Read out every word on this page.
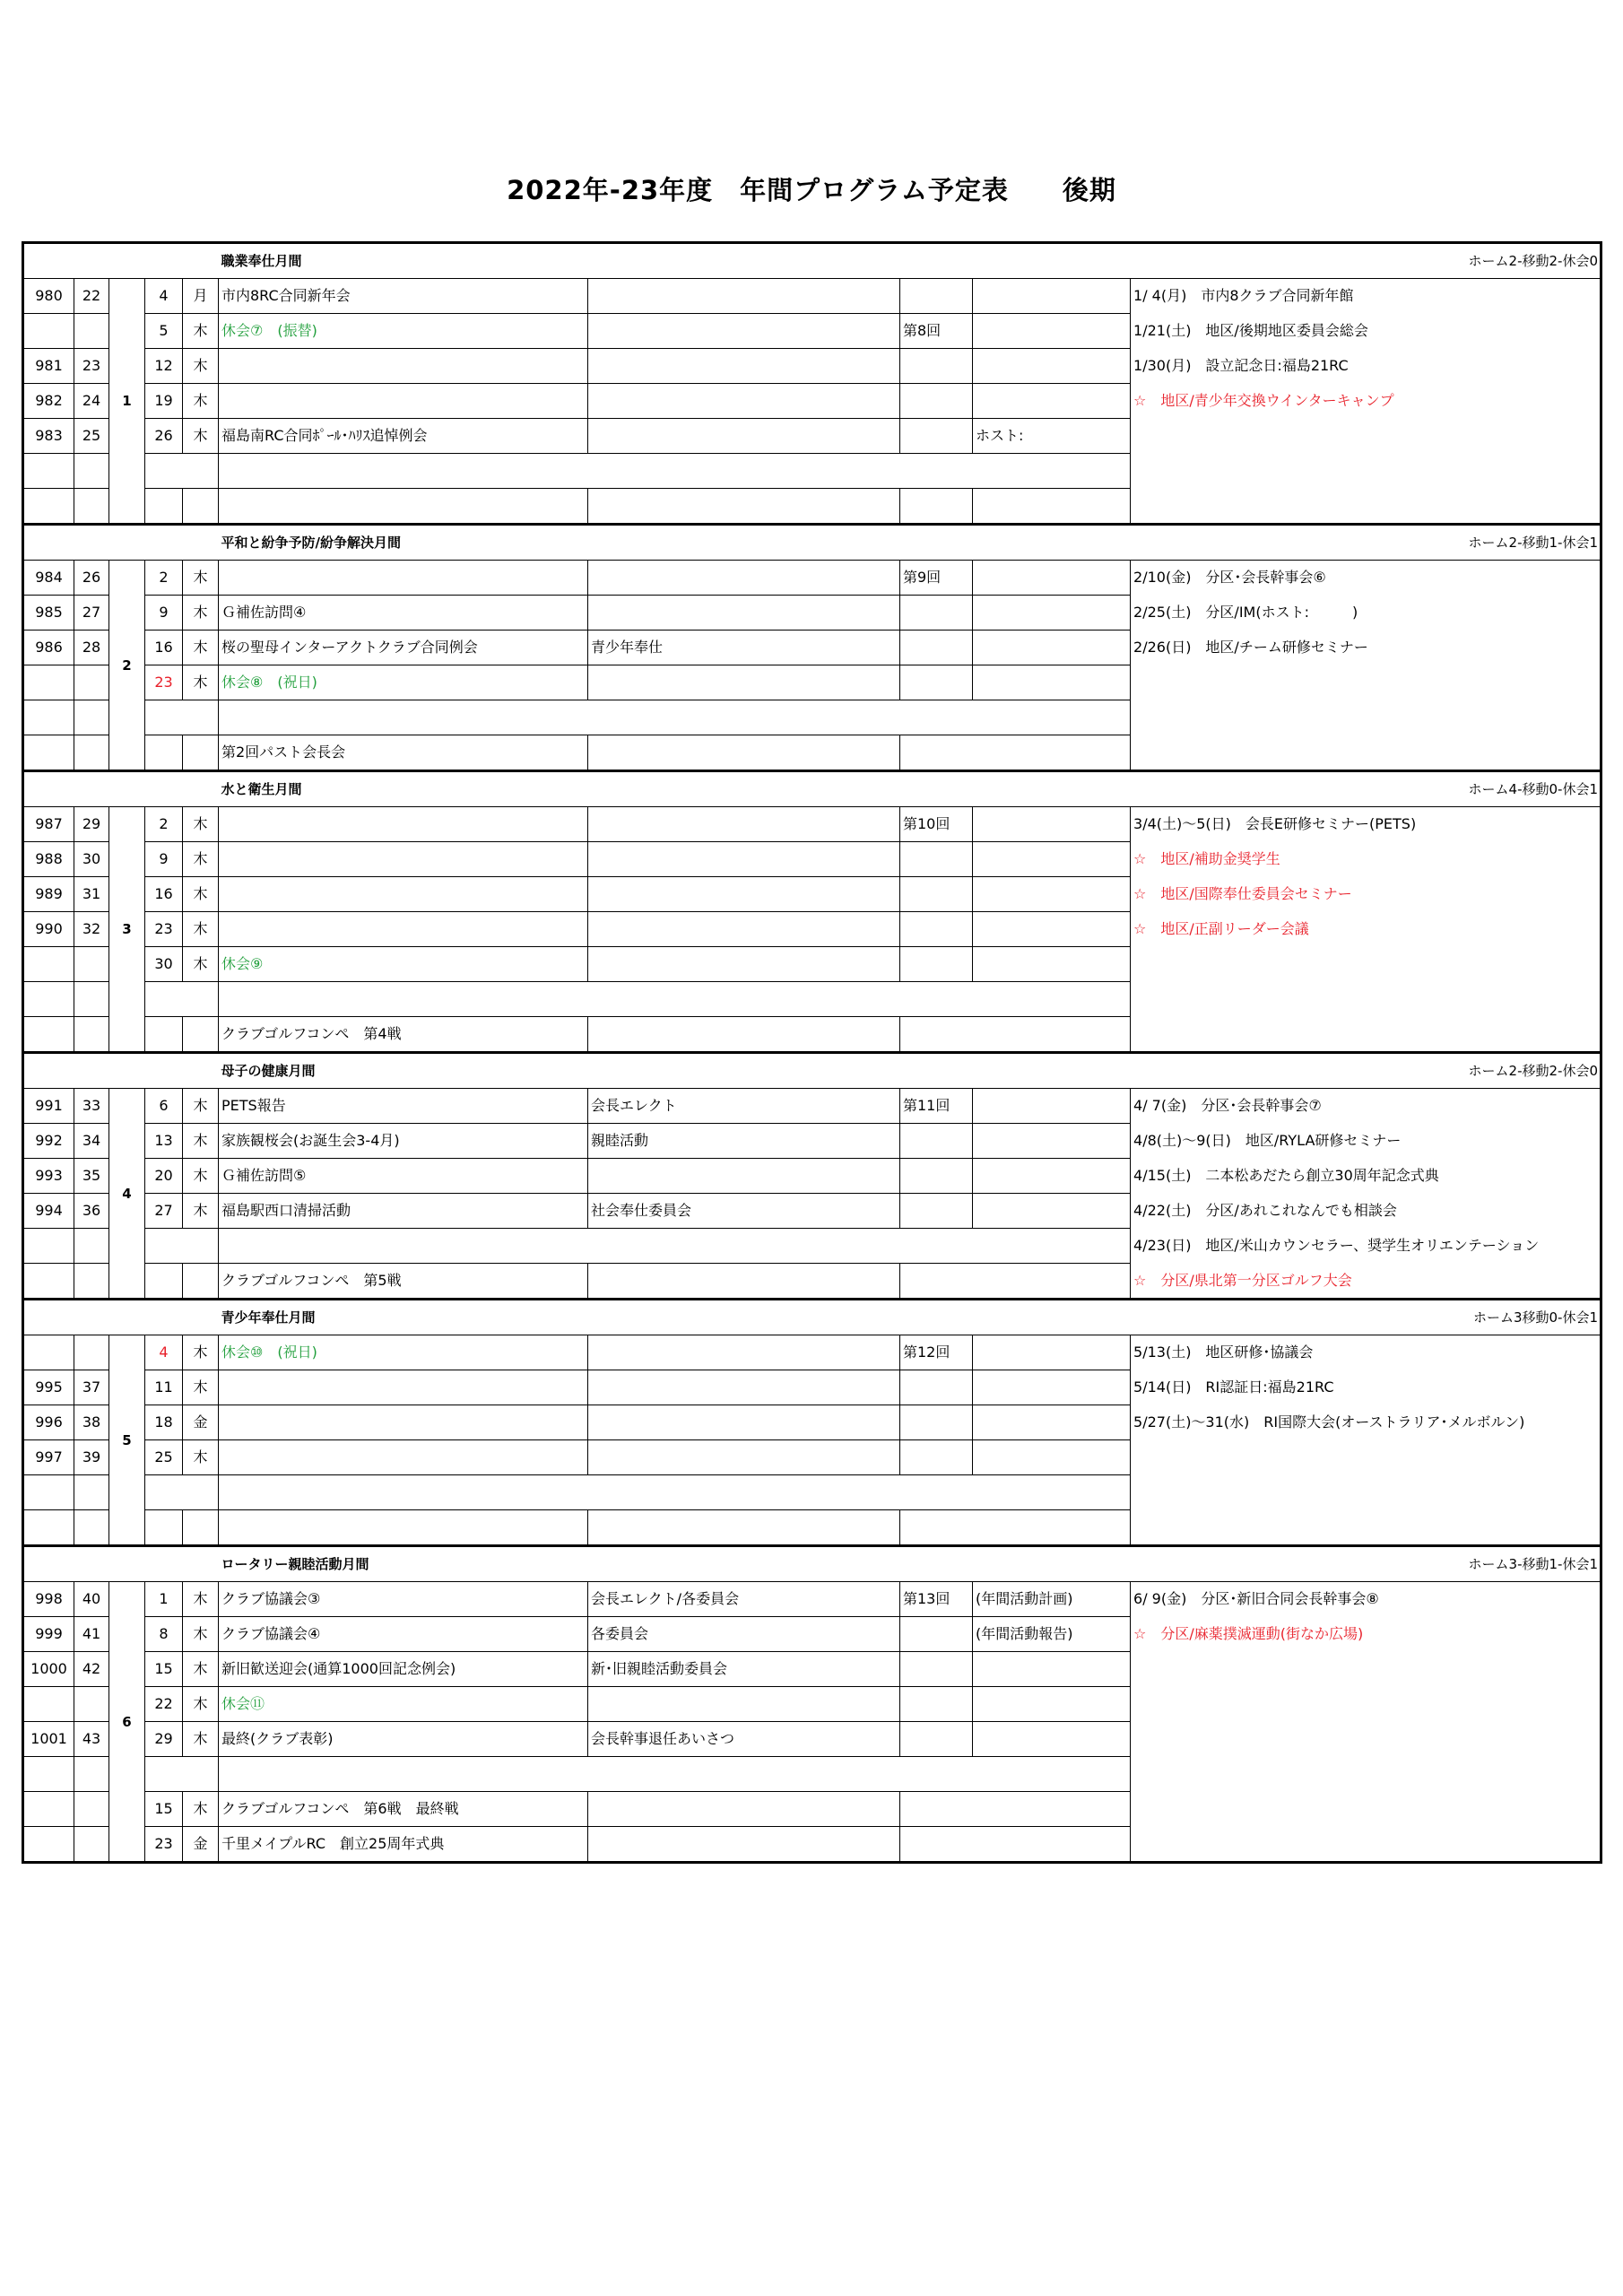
2022年-23年度　年間プログラム予定表　　後期
					職業奉仕月間				ホーム2-移動2-休会0
980	22	1	4	月	市内8RC合同新年会				1/ 4(月)　市内8クラブ合同新年館
			5	木	休会⑦　(振替)		第8回		1/21(土)　地区/後期地区委員会総会
981	23		12	木					1/30(月)　設立記念日:福島21RC
982	24		19	木					☆　地区/青少年交換ウインターキャンプ
983	25		26	木	福島南RC合同ﾎﾟｰﾙ･ﾊﾘｽ追悼例会			ホスト:	

					平和と紛争予防/紛争解決月間				ホーム2-移動1-休会1
984	26	2	2	木			第9回		2/10(金)　分区･会長幹事会⑥
985	27		9	木	Ｇ補佐訪問④				2/25(土)　分区/IM(ホスト:　　　)
986	28		16	木	桜の聖母インターアクトクラブ合同例会	青少年奉仕			2/26(日)　地区/チーム研修セミナー
			23	木	休会⑧　(祝日)				

					第2回パスト会長会				
					水と衛生月間				ホーム4-移動0-休会1
987	29	3	2	木			第10回		3/4(土)～5(日)　会長E研修セミナー(PETS)
988	30		9	木					☆　地区/補助金奨学生
989	31		16	木					☆　地区/国際奉仕委員会セミナー
990	32		23	木					☆　地区/正副リーダー会議
			30	木	休会⑨				

					クラブゴルフコンペ　第4戦				
					母子の健康月間				ホーム2-移動2-休会0
991	33	4	6	木	PETS報告	会長エレクト	第11回		4/ 7(金)　分区･会長幹事会⑦
992	34		13	木	家族観桜会(お誕生会3-4月)	親睦活動			4/8(土)～9(日)　地区/RYLA研修セミナー
993	35		20	木	Ｇ補佐訪問⑤				4/15(土)　二本松あだたら創立30周年記念式典
994	36		27	木	福島駅西口清掃活動	社会奉仕委員会			4/22(土)　分区/あれこれなんでも相談会
									4/23(日)　地区/米山カウンセラー、奨学生オリエンテーション
					クラブゴルフコンペ　第5戦				☆　分区/県北第一分区ゴルフ大会
					青少年奉仕月間				ホーム3移動0-休会1
		5	4	木	休会⑩　(祝日)		第12回		5/13(土)　地区研修･協議会
995	37		11	木					5/14(日)　RI認証日:福島21RC
996	38		18	金					5/27(土)～31(水)　RI国際大会(オーストラリア･メルボルン)
997	39		25	木					

					ロータリー親睦活動月間				ホーム3-移動1-休会1
998	40	6	1	木	クラブ協議会③	会長エレクト/各委員会	第13回	(年間活動計画)	6/ 9(金)　分区･新旧合同会長幹事会⑧
999	41		8	木	クラブ協議会④	各委員会		(年間活動報告)	☆　分区/麻薬撲滅運動(街なか広場)
1000	42		15	木	新旧歓送迎会(通算1000回記念例会)	新･旧親睦活動委員会			
			22	木	休会⑪				
1001	43		29	木	最終(クラブ表彰)	会長幹事退任あいさつ			

			15	木	クラブゴルフコンペ　第6戦　最終戦				
			23	金	千里メイプルRC　創立25周年式典				
